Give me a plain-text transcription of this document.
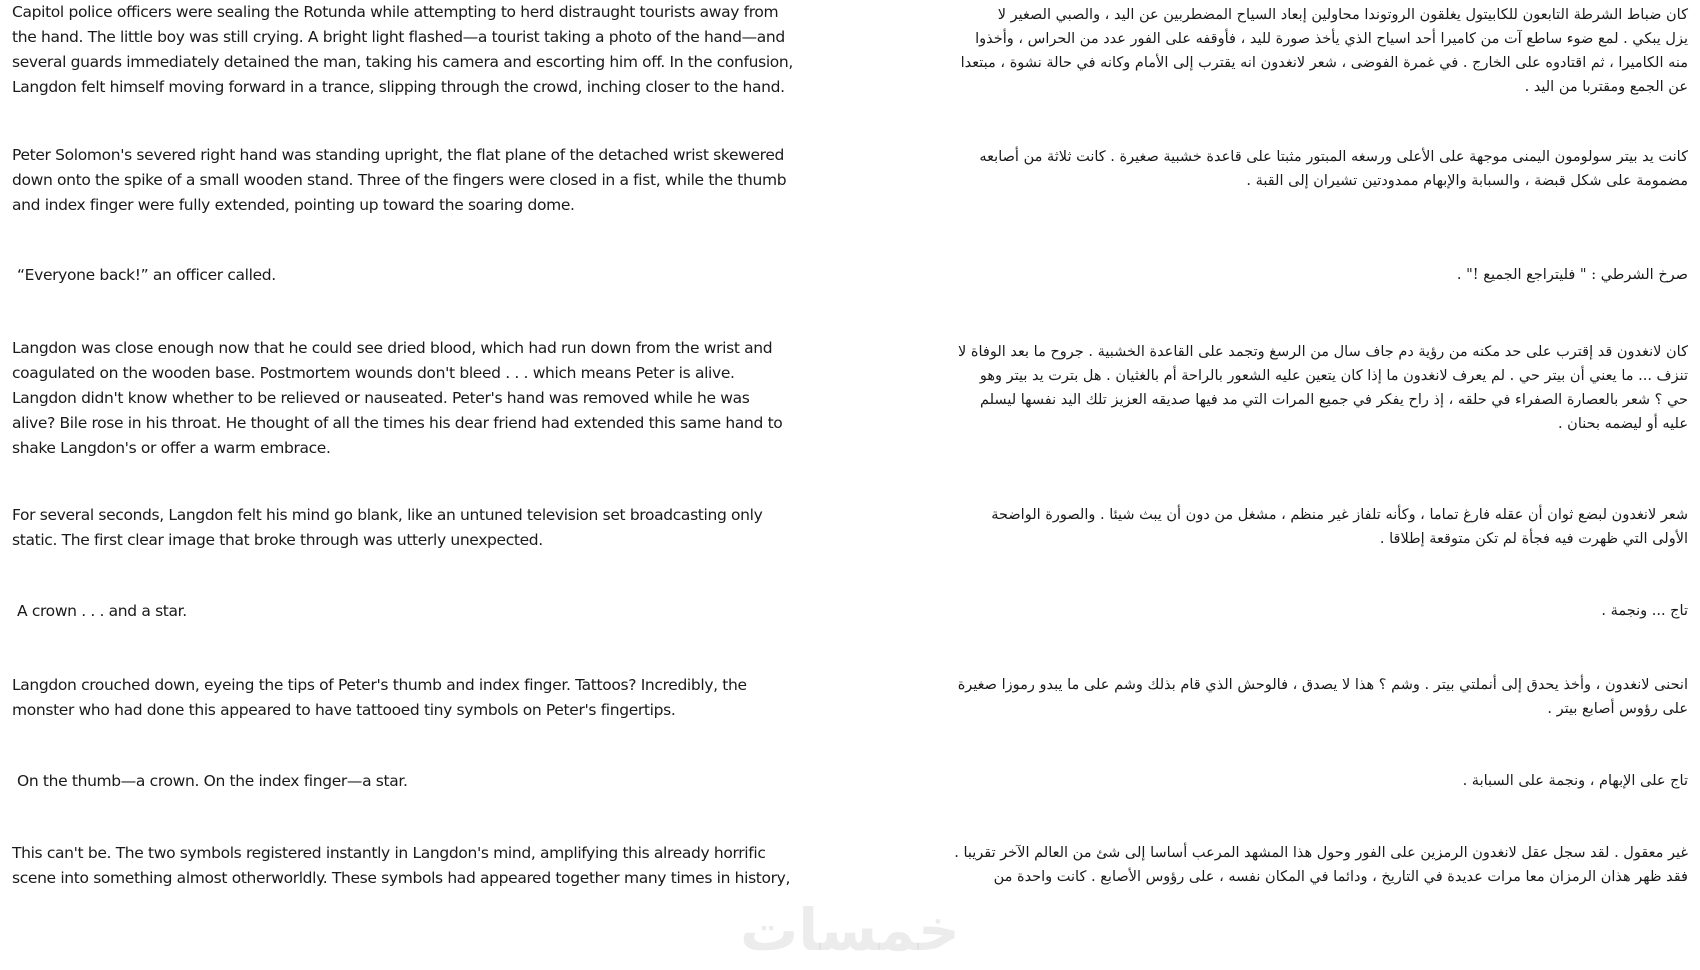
Capitol police officers were sealing the Rotunda while attempting to herd distraught tourists away from
the hand. The little boy was still crying. A bright light flashed—a tourist taking a photo of the hand—and
several guards immediately detained the man, taking his camera and escorting him off. In the confusion,
Langdon felt himself moving forward in a trance, slipping through the crowd, inching closer to the hand.
كان ضباط الشرطة التابعون للكابيتول يغلقون الروتوندا محاولين إبعاد السياح المضطربين عن اليد ، والصبي الصغير لا
يزل يبكي . لمع ضوء ساطع آت من كاميرا أحد اسياح الذي يأخذ صورة لليد ، فأوقفه على الفور عدد من الحراس ، وأخذوا
منه الكاميرا ، ثم اقتادوه على الخارج . في غمرة الفوضى ، شعر لانغدون انه يقترب إلى الأمام وكانه في حالة نشوة ، مبتعدا
عن الجمع ومقتربا من اليد .
Peter Solomon's severed right hand was standing upright, the flat plane of the detached wrist skewered
down onto the spike of a small wooden stand. Three of the fingers were closed in a fist, while the thumb
and index finger were fully extended, pointing up toward the soaring dome.
كانت يد بيتر سولومون اليمنى موجهة على الأعلى ورسغه المبتور مثبتا على قاعدة خشبية صغيرة . كانت ثلاثة من أصابعه
مضمومة على شكل قبضة ، والسبابة والإبهام ممدودتين تشيران إلى القبة .
“Everyone back!” an officer called.	صرخ الشرطي : " فليتراجع الجميع !" .
Langdon was close enough now that he could see dried blood, which had run down from the wrist and
coagulated on the wooden base. Postmortem wounds don't bleed . . . which means Peter is alive.
Langdon didn't know whether to be relieved or nauseated. Peter's hand was removed while he was
alive? Bile rose in his throat. He thought of all the times his dear friend had extended this same hand to
shake Langdon's or offer a warm embrace.
كان لانغدون قد إقترب على حد مكنه من رؤية دم جاف سال من الرسغ وتجمد على القاعدة الخشبية . جروح ما بعد الوفاة لا
تنزف ... ما يعني أن بيتر حي . لم يعرف لانغدون ما إذا كان يتعين عليه الشعور بالراحة أم بالغثيان . هل بترت يد بيتر وهو
حي ؟ شعر بالعصارة الصفراء في حلقه ، إذ راح يفكر في جميع المرات التي مد فيها صديقه العزيز تلك اليد نفسها ليسلم
عليه أو ليضمه بحنان .
For several seconds, Langdon felt his mind go blank, like an untuned television set broadcasting only
static. The first clear image that broke through was utterly unexpected.
شعر لانغدون لبضع ثوان أن عقله فارغ تماما ، وكأنه تلفاز غير منظم ، مشغل من دون أن يبث شيئا . والصورة الواضحة
الأولى التي ظهرت فيه فجأة لم تكن متوقعة إطلاقا .
A crown . . . and a star.	تاج ... ونجمة .
Langdon crouched down, eyeing the tips of Peter's thumb and index finger. Tattoos? Incredibly, the
monster who had done this appeared to have tattooed tiny symbols on Peter's fingertips.
انحنى لانغدون ، وأخذ يحدق إلى أنملتي بيتر . وشم ؟ هذا لا يصدق ، فالوحش الذي قام بذلك وشم على ما يبدو رموزا صغيرة
على رؤوس أصابع بيتر .
On the thumb—a crown. On the index finger—a star.	تاج على الإبهام ، ونجمة على السبابة .
This can't be. The two symbols registered instantly in Langdon's mind, amplifying this already horrific
scene into something almost otherworldly. These symbols had appeared together many times in history,
غير معقول . لقد سجل عقل لانغدون الرمزين على الفور وحول هذا المشهد المرعب أساسا إلى شئ من العالم الآخر تقريبا .
فقد ظهر هذان الرمزان معا مرات عديدة في التاريخ ، ودائما في المكان نفسه ، على رؤوس الأصابع . كانت واحدة من
خمسات
